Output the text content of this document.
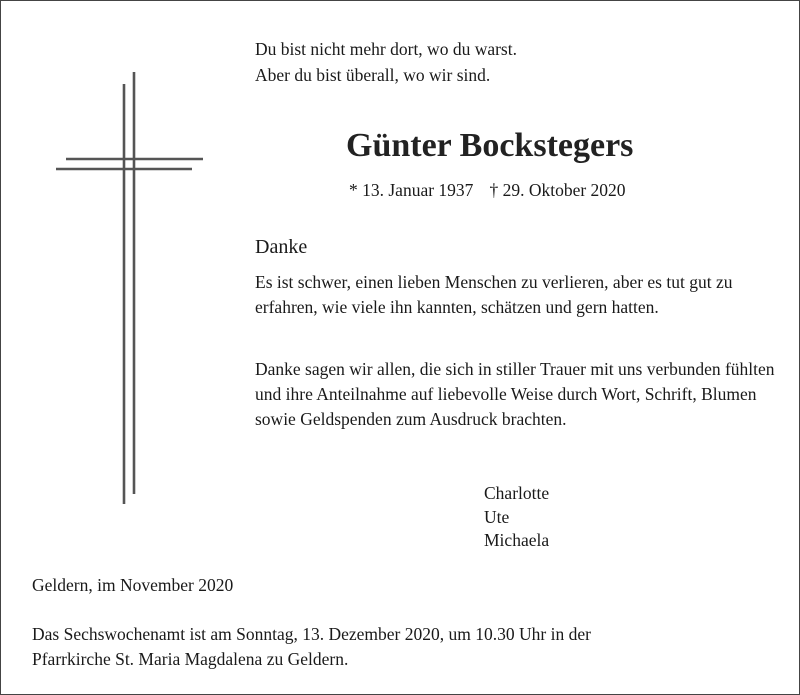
Du bist nicht mehr dort, wo du warst.
Aber du bist überall, wo wir sind.
Günter Bockstegers
* 13. Januar 1937 † 29. Oktober 2020
Danke

Es ist schwer, einen lieben Menschen zu verlieren, aber es tut gut zu erfahren, wie viele ihn kannten, schätzen und gern hatten.

Danke sagen wir allen, die sich in stiller Trauer mit uns verbunden fühlten und ihre Anteilnahme auf liebevolle Weise durch Wort, Schrift, Blumen sowie Geldspenden zum Ausdruck brachten.

Charlotte
Ute
Michaela
Geldern, im November 2020
Das Sechswochenamt ist am Sonntag, 13. Dezember 2020, um 10.30 Uhr in der
Pfarrkirche St. Maria Magdalena zu Geldern.
